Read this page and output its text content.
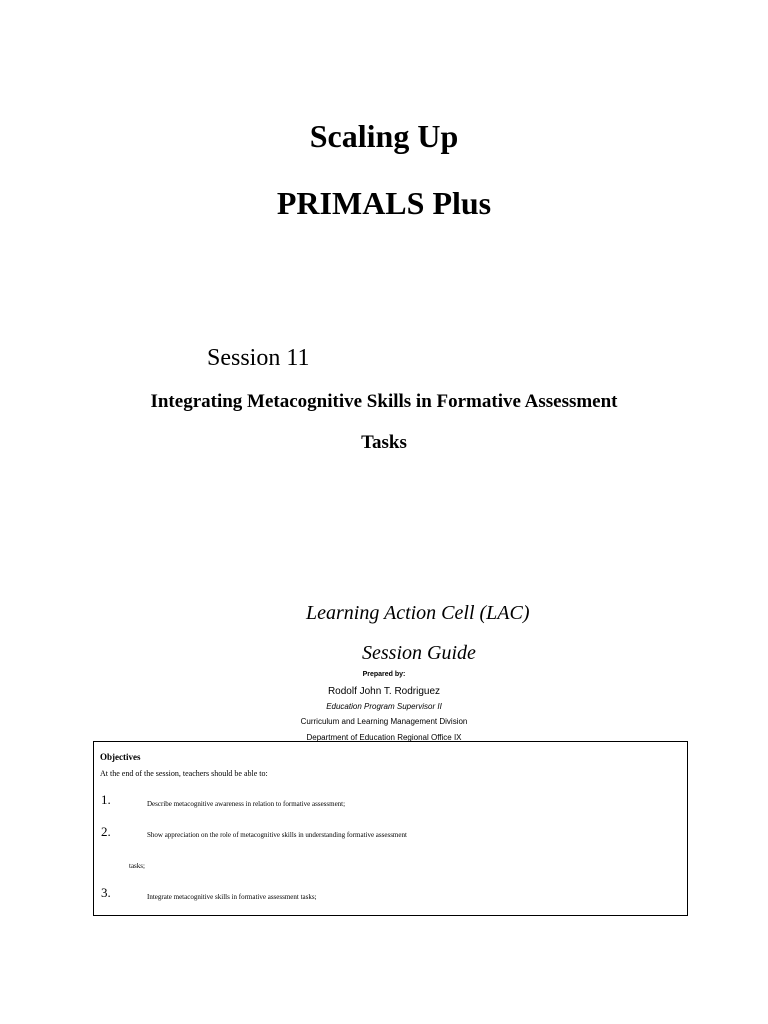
Scaling Up
PRIMALS Plus
Session 11
Integrating Metacognitive Skills in Formative Assessment
Tasks
Learning Action Cell (LAC)
Session Guide
Prepared by:
Rodolf John T. Rodriguez
Education Program Supervisor II
Curriculum and Learning Management Division
Department of Education Regional Office IX
Objectives
At the end of the session, teachers should be able to:
1.	Describe metacognitive awareness in relation to formative assessment;
2.	Show appreciation on the role of metacognitive skills in understanding formative assessment
tasks;
3.	Integrate metacognitive skills in formative assessment tasks;
